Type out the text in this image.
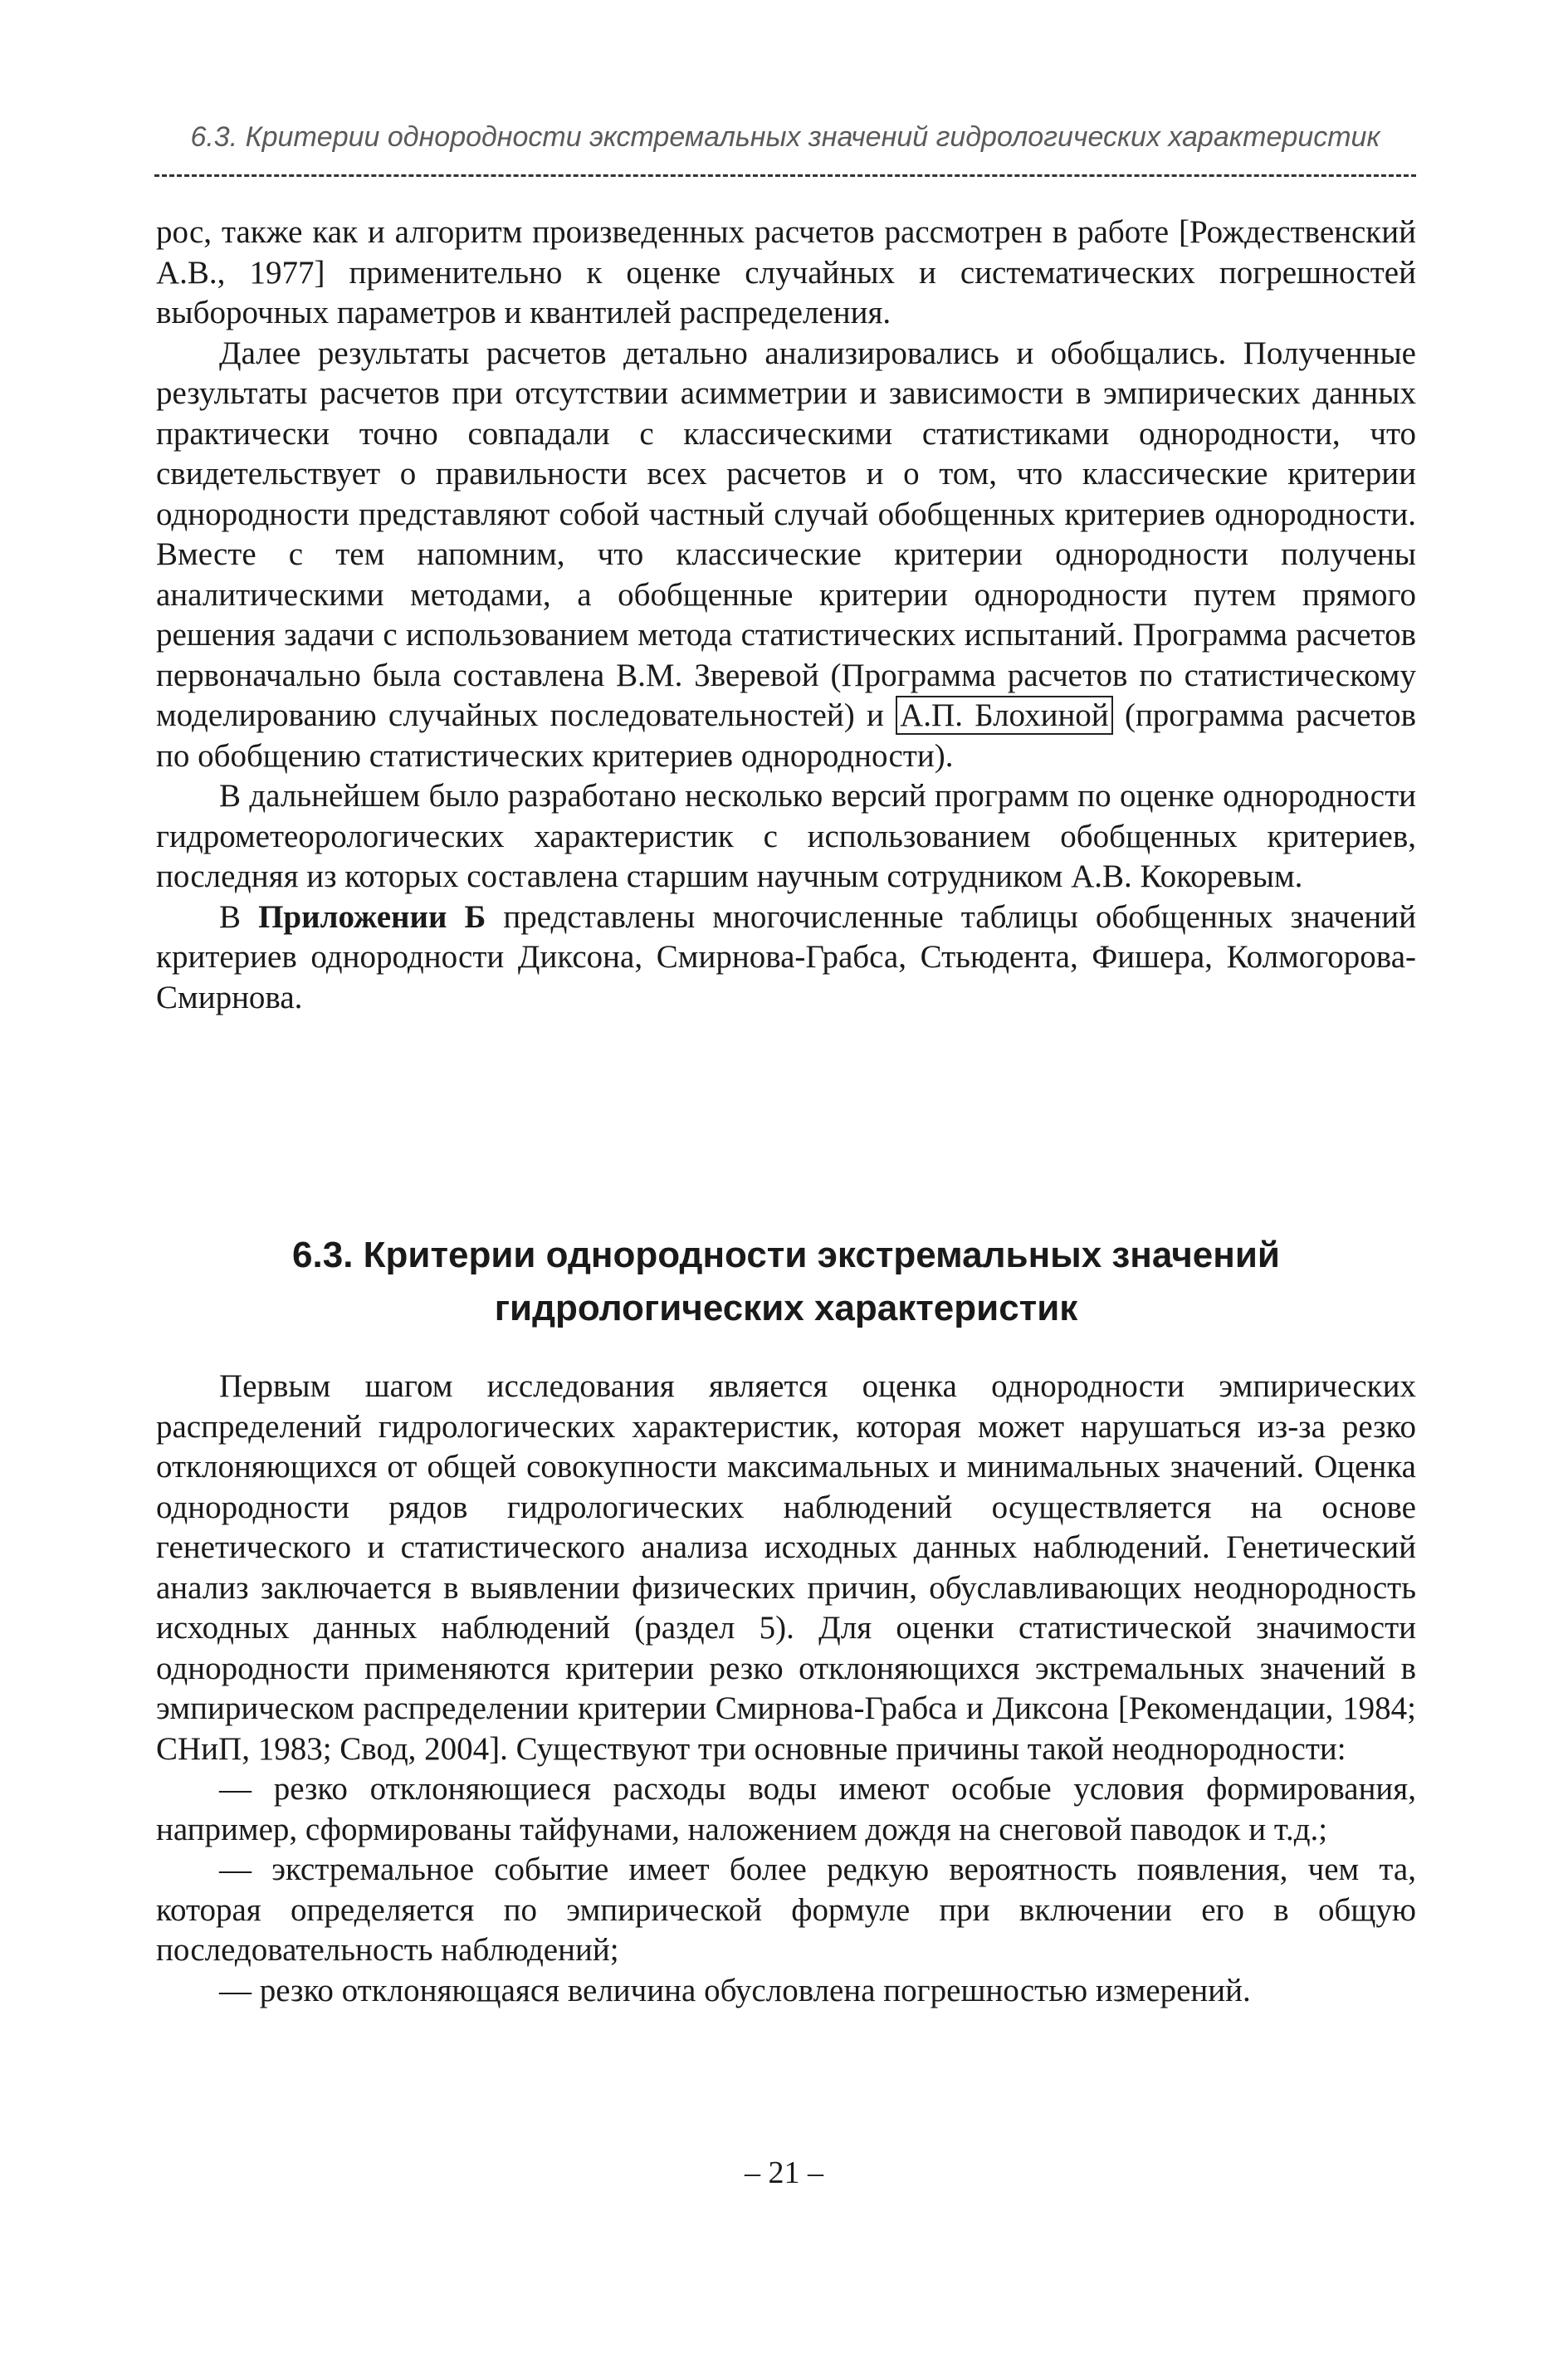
6.3. Критерии однородности экстремальных значений гидрологических характеристик

рос, также как и алгоритм произведенных расчетов рассмотрен в работе [Рождественский А.В., 1977] применительно к оценке случайных и систематических погрешностей выборочных параметров и квантилей распределения.

Далее результаты расчетов детально анализировались и обобщались. Полученные результаты расчетов при отсутствии асимметрии и зависимости в эмпирических данных практически точно совпадали с классическими статистиками однородности, что свидетельствует о правильности всех расчетов и о том, что классические критерии однородности представляют собой частный случай обобщенных критериев однородности. Вместе с тем напомним, что классические критерии однородности получены аналитическими методами, а обобщенные критерии однородности путем прямого решения задачи с использованием метода статистических испытаний. Программа расчетов первоначально была составлена В.М. Зверевой (Программа расчетов по статистическому моделированию случайных последовательностей) и А.П. Блохиной (программа расчетов по обобщению статистических критериев однородности).

В дальнейшем было разработано несколько версий программ по оценке однородности гидрометеорологических характеристик с использованием обобщенных критериев, последняя из которых составлена старшим научным сотрудником А.В. Кокоревым.

В Приложении Б представлены многочисленные таблицы обобщенных значений критериев однородности Диксона, Смирнова-Грабса, Стьюдента, Фишера, Колмогорова-Смирнова.

6.3. Критерии однородности экстремальных значений
гидрологических характеристик

Первым шагом исследования является оценка однородности эмпирических распределений гидрологических характеристик, которая может нарушаться из-за резко отклоняющихся от общей совокупности максимальных и минимальных значений. Оценка однородности рядов гидрологических наблюдений осуществляется на основе генетического и статистического анализа исходных данных наблюдений. Генетический анализ заключается в выявлении физических причин, обуславливающих неоднородность исходных данных наблюдений (раздел 5). Для оценки статистической значимости однородности применяются критерии резко отклоняющихся экстремальных значений в эмпирическом распределении критерии Смирнова-Грабса и Диксона [Рекомендации, 1984; СНиП, 1983; Свод, 2004]. Существуют три основные причины такой неоднородности:

— резко отклоняющиеся расходы воды имеют особые условия формирования, например, сформированы тайфунами, наложением дождя на снеговой паводок и т.д.;

— экстремальное событие имеет более редкую вероятность появления, чем та, которая определяется по эмпирической формуле при включении его в общую последовательность наблюдений;

— резко отклоняющаяся величина обусловлена погрешностью измерений.

– 21 –
